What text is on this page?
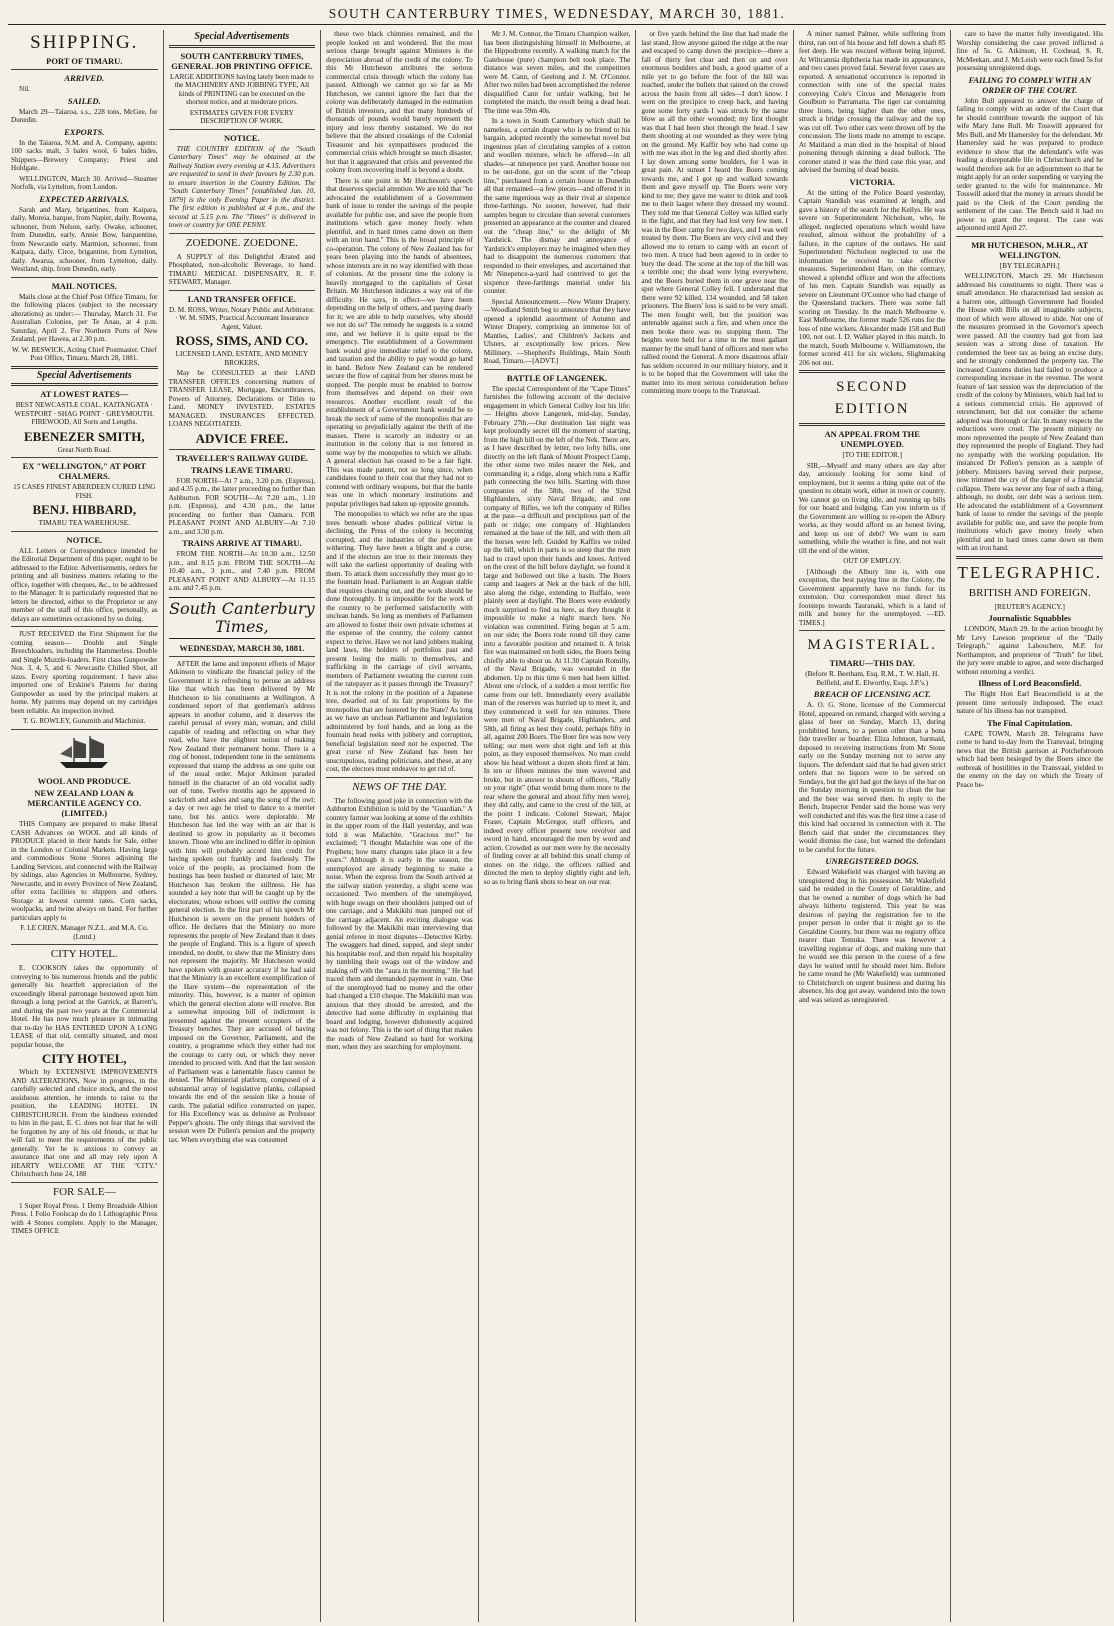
SOUTH CANTERBURY TIMES, WEDNESDAY, MARCH 30, 1881.
SHIPPING.
PORT OF TIMARU.
ARRIVED.

Nil.

SAILED.

March 29—Taiaroa, s.s., 228 tons, McGee, for Dunedin.

EXPORTS.

In the Taiaroa, N.M. and A. Company, agents: 100 sacks malt, 3 bales wool, 6 bales hides. Shippers—Brewery Company; Priest and Holdgate.

WELLINGTON, March 30. Arrived—Steamer Norfolk, via Lyttelton, from London.

EXPECTED ARRIVALS.

Sarah and Mary, brigantines, from Kaipara, daily. Moreia, barque, from Napier, daily. Rowena, schooner, from Nelson, early. Owake, schooner, from Dunedin, early. Annie Bow, barquentine, from Newcastle early. Marmion, schooner, from Kaipara, daily. Circe, brigantine, from Lyttelton, daily. Awarua, schooner, from Lyttelton, daily. Westland, ship, from Dunedin, early.

MAIL NOTICES.

Mails close at the Chief Post Office Timaru, for the following places (subject to the necessary alterations) as under:— Thursday, March 31. For Australian Colonies, per Te Anau, at 4 p.m. Saturday, April 2. For Northern Ports of New Zealand, per Hawea, at 2.30 p.m.

W. W. BESWICK, Acting Chief Postmaster. Chief Post Office, Timaru, March 28, 1881.

Special Advertisements
AT LOWEST RATES—

BEST NEWCASTLE COAL. KAITANGATA · WESTPORT · SHAG POINT · GREYMOUTH. FIREWOOD, All Sorts and Lengths.

EBENEZER SMITH,

Great North Road.

EX "WELLINGTON," AT PORT CHALMERS.

15 CASES FINEST ABERDEEN CURED LING FISH.

BENJ. HIBBARD,

TIMARU TEA WAREHOUSE.

NOTICE.

ALL Letters or Correspondence intended for the Editorial Department of this paper, ought to be addressed to the Editor. Advertisements, orders for printing and all business matters relating to the office, together with cheques, &c., to be addressed to the Manager. It is particularly requested that no letters be directed, either to the Proprietor or any member of the staff of this office, personally, as delays are sometimes occasioned by so doing.

JUST RECEIVED the First Shipment for the coming season— Double and Single Breechloaders, including the Hammerless. Double and Single Muzzle-loaders. First class Gunpowder Nos. 3, 4, 5, and 6. Newcastle Chilled Shot, all sizes. Every sporting requirement. I have also imported one of Erskine's Patents for during Gunpowder as used by the principal makers at home. My patrons may depend on my cartridges been reliable. An inspection invited.

T. G. ROWLEY, Gunsmith and Machinist.

WOOL AND PRODUCE.
NEW ZEALAND LOAN & MERCANTILE AGENCY CO. (LIMITED.)

THIS Company are prepared to make liberal CASH Advances on WOOL and all kinds of PRODUCE placed in their hands for Sale, either in the London or Colonial Markets. Having large and commodious Stone Stores adjoining the Landing Services, and connected with the Railway by sidings, also Agencies in Melbourne, Sydney, Newcastle, and in every Province of New Zealand, offer extra facilities to shippers and others. Storage at lowest current rates. Corn sacks, woolpacks, and twine always on hand. For further particulars apply to

F. LE CREN, Manager N.Z.L. and M.A. Co. (Lmtd.)

CITY HOTEL.

E. COOKSON takes the opportunity of conveying to his numerous friends and the public generally his heartfelt appreciation of the exceedingly liberal patronage bestowed upon him through a long period at the Garrick, at Barrett's, and during the past two years at the Commercial Hotel. He has now much pleasure in intimating that to-day he HAS ENTERED UPON A LONG LEASE of that old, centrally situated, and most popular house, the

CITY HOTEL,

Which by EXTENSIVE IMPROVEMENTS AND ALTERATIONS, Now in progress, in the carefully selected and choice stock, and the most assiduous attention, he intends to raise to the position, the LEADING HOTEL IN CHRISTCHURCH. From the kindness extended to him in the past, E. C. does not fear that he will be forgotten by any of his old friends, or that he will fail to meet the requirements of the public generally. Yet he is anxious to convey an assurance that one and all may rely upon A HEARTY WELCOME AT THE "CITY." Christchurch June 24, 188

FOR SALE—

1 Super Royal Press. 1 Demy Broadside Albion Press. 1 Folio Foolscap do do 1 Lithographic Press with 4 Stones complete. Apply to the Manager, TIMES OFFICE

Special Advertisements
SOUTH CANTERBURY TIMES, GENERAL JOB PRINTING OFFICE.

LARGE ADDITIONS having lately been made to the MACHINERY AND JOBBING TYPE, All kinds of PRINTING can be executed on the shortest notice, and at moderate prices.

ESTIMATES GIVEN FOR EVERY DESCRIPTION OF WORK.

NOTICE.

THE COUNTRY EDITION of the "South Canterbury Times" may be obtained at the Railway Station every evening at 4.15. Advertisers are requested to send in their favours by 2.30 p.m. to ensure insertion in the Country Edition. The "South Canterbury Times" [established Jan. 10, 1879] is the only Evening Paper in the district. The first edition is published at 4 p.m., and the second at 5.15 p.m. The "Times" is delivered in town or country for ONE PENNY.

ZOEDONE. ZOEDONE.

A SUPPLY of this Delightful Ærated and Phosphated, non-alcoholic Beverage, to hand. TIMARU MEDICAL DISPENSARY, R. F. STEWART, Manager.

LAND TRANSFER OFFICE.

D. M. ROSS, Writer, Notary Public and Arbitrator. · W. M. SIMS, Practical Accountant Insurance Agent, Valuer.

ROSS, SIMS, AND CO.

LICENSED LAND, ESTATE, AND MONEY BROKERS,

May be CONSULTED at their LAND TRANSFER OFFICES concerning matters of TRANSFER LEASE, Mortgage, Encumbrances, Powers of Attorney, Declarations or Titles to Land. MONEY INVESTED. ESTATES MANAGED. INSURANCES EFFECTED. LOANS NEGOTIATED.

ADVICE FREE.
TRAVELLER'S RAILWAY GUIDE.
TRAINS LEAVE TIMARU.

FOR NORTH—At 7 a.m., 3.20 p.m. (Express), and 4.35 p.m., the latter proceeding no further than Ashburton. FOR SOUTH—At 7.20 a.m., 1.10 p.m. (Express), and 4.30 p.m., the latter proceeding no further than Oamaru. FOR PLEASANT POINT AND ALBURY—At 7.10 a.m., and 3.30 p.m.

TRAINS ARRIVE AT TIMARU.

FROM THE NORTH—At 10.30 a.m., 12.50 p.m., and 8.15 p.m. FROM THE SOUTH—At 10.40 a.m., 3 p.m., and 7.40 p.m. FROM PLEASANT POINT AND ALBURY—At 11.15 a.m. and 7.45 p.m.

South Canterbury Times,
WEDNESDAY, MARCH 30, 1881.

AFTER the lame and impotent efforts of Major Atkinson to vindicate the financial policy of the Government it is refreshing to peruse an address like that which has been delivered by Mr Hutcheson to his constituents at Wellington. A condensed report of that gentleman's address appears in another column, and it deserves the careful perusal of every man, woman, and child capable of reading and reflecting on what they read, who have the slightest notion of making New Zealand their permanent home. There is a ring of honest, independent tone in the sentiments expressed that stamp the address as one quite out of the usual order. Major Atkinson paraded himself in the character of an old vocalist sadly out of tune. Twelve months ago he appeared in sackcloth and ashes and sang the song of the owl; a day or two ago he tried to dance to a merrier tune, but his antics were deplorable. Mr Hutcheson has led the way with an air that is destined to grow in popularity as it becomes known. Those who are inclined to differ in opinion with him will probably accord him credit for having spoken out frankly and fearlessly. The voice of the people, as proclaimed from the hustings has been hushed or distorted of late; Mr Hutcheson has broken the stillness. He has sounded a key note that will be caught up by the electorates; whose echoes will outlive the coming general election. In the first part of his speech Mr Hutcheson is severe on the present holders of office. He declares that the Ministry no more represents the people of New Zealand than it does the people of England. This is a figure of speech intended, no doubt, to shew that the Ministry does not represent the majority. Mr Hutcheson would have spoken with greater accuracy if he had said that the Ministry is an excellent exemplification of the Hare system—the representation of the minority. This, however, is a matter of opinion which the general election alone will resolve. But a somewhat imposing bill of indictment is presented against the present occupiers of the Treasury benches. They are accused of having imposed on the Governor, Parliament, and the country, a programme which they either had not the courage to carry out, or which they never intended to proceed with. And that the last session of Parliament was a lamentable fiasco cannot be denied. The Ministerial platform, composed of a substantial array of legislative planks, collapsed towards the end of the session like a house of cards. The palatial edifice constructed on paper, for His Excellency was as delusive as Professor Pepper's ghosts. The only things that survived the session were Dr Pollen's pension and the property tax. When everything else was consumed

these two black chimnies remained, and the people looked on and wondered. But the most serious charge brought against Ministers is the depreciation abroad of the credit of the colony. To this Mr Hutcheson attributes the serious commercial crisis through which the colony has passed. Although we cannot go so far as Mr Hutcheson, we cannot ignore the fact that the colony was deliberately damaged in the estimation of British investors, and that many hundreds of thousands of pounds would barely represent the injury and loss thereby sustained. We do not believe that the absurd croakings of the Colonial Treasurer and his sympathisers produced the commercial crisis which brought so much disaster, but that it aggravated that crisis and prevented the colony from recovering itself is beyond a doubt.

There is one point in Mr Hutcheson's speech that deserves special attention. We are told that "he advocated the establishment of a Government bank of issue to render the savings of the people available for public use, and save the people from institutions which gave money freely when plentiful, and in hard times came down on them with an iron hand." This is the broad principle of co-operation. The colony of New Zealand has for years been playing into the hands of absentees, whose interests are in no way identified with those of colonists. At the present time the colony is heavily mortgaged to the capitalists of Great Britain. Mr Hutcheson indicates a way out of the difficulty. He says, in effect—we have been depending on the help of others, and paying dearly for it; we are able to help ourselves, why should we not do so? The remedy he suggests is a sound one, and we believe it is quite equal to the emergency. The establishment of a Government bank would give immediate relief to the colony, and taxation and the ability to pay would go hand in hand. Before New Zealand can be rendered secure the flow of capital from her shores must be stopped. The people must be enabled to borrow from themselves and depend on their own resources. Another excellent result of the establishment of a Government bank would be to break the neck of some of the monopolies that are operating so prejudicially against the thrift of the masses. There is scarcely an industry or an institution in the colony that is not fettered in some way by the monopolies to which we allude. A general election has ceased to be a fair fight. This was made patent, not so long since, when candidates found to their cost that they had not to contend with ordinary weapons, but that the battle was one in which monetary institutions and popular privileges had taken up opposite grounds.

The monopolies to which we refer are the upas trees beneath whose shades political virtue is declining, the Press of the colony is becoming corrupted, and the industries of the people are withering. They have been a blight and a curse, and if the electors are true to their interests they will take the earliest opportunity of dealing with them. To attack them successfully they must go to the fountain head. Parliament is an Augean stable that requires cleaning out, and the work should be done thoroughly. It is impossible for the work of the country to be performed satisfactorily with unclean hands. So long as members of Parliament are allowed to foster their own private schemes at the expense of the country, the colony cannot expect to thrive. Have we not land jobbers making land laws, the holders of portfolios past and present losing the mails to themselves, and trafficking in the carriage of civil servants, members of Parliament sweating the current coin of the ratepayer as it passes through the Treasury? It is not the colony in the position of a Japanese tree, dwarfed out of its fair proportions by the monopolies that are fostered by the State? As long as we have an unclean Parliament and legislation administered by foul hands, and as long as the fountain head reeks with jobbery and corruption, beneficial legislation need not be expected. The great curse of New Zealand has been her unscrupulous, trading politicians, and these, at any cost, the electors must endeavor to get rid of.

NEWS OF THE DAY.

The following good joke in connection with the Ashburton Exhibition is told by the "Guardian." A country farmer was looking at some of the exhibits in the upper room of the Hall yesterday, and was told it was Malachite. "Gracious me!" he exclaimed; "I thought Malachite was one of the Prophets; how many changes take place in a few years." Although it is early in the season, the unemployed are already beginning to make a noise. When the express from the South arrived at the railway station yesterday, a slight scene was occasioned. Two members of the unemployed, with huge swags on their shoulders jumped out of one carriage, and a Makikihi man jumped out of the carriage adjacent. An exciting dialogue was followed by the Makikihi man interviewing that genial referee in most disputes—Detective Kirby. The swaggers had dined, supped, and slept under his hospitable roof, and then repaid his hospitality by tumbling their swags out of the window and making off with the "aura in the morning." He had traced them and demanded payment in vain. One of the unemployed had no money and the other had changed a £10 cheque. The Makikihi man was anxious that they should be arrested, and the detective had some difficulty in explaining that board and lodging, however dishonestly acquired was not felony. This is the sort of thing that makes the roads of New Zealand so hard for working men, when they are searching for employment.

Mr J. M. Connor, the Timaru Champion walker, has been distinguishing himself in Melbourne, at the Hippodrome recently. A walking match for the Gatehouse (pure) champion belt took place. The distance was seven miles, and the competitors were M. Cann, of Geelong and J. M. O'Connor. After two miles had been accomplished the referee disqualified Cann for unfair walking, but he completed the match, the result being a dead heat. The time was 59m 40s.

In a town in South Canterbury which shall be nameless, a certain draper who is no friend to his bargain, adopted recently the somewhat novel but ingenious plan of circulating samples of a cotton and woollen mixture, which he offered—in all shades—at ninepence per yard. Another house not to be out-done, got on the scent of the "cheap line," purchased from a certain house in Dunedin all that remained—a few pieces—and offered it in the same ingenious way as their rival at sixpence three-farthings. No sooner, however, had their samples begun to circulate than several customers presented an appearance at the counter and cleared out the "cheap line," to the delight of Mr Yardstick. The dismay and annoyance of Yardstick's employers may be imagined when they had to disappoint the numerous customers that responded to their envelopes, and ascertained that Mr Ninepence-a-yard had contrived to get the sixpence three-farthings material under his counter.

Special Announcement.—New Winter Drapery.—Woodland Smith beg to announce that they have opened a splendid assortment of Autumn and Winter Drapery, comprising an immense lot of Mantles, Ladies', and Children's Jackets and Ulsters, at exceptionally low prices. New Millinery. —Shepherd's Buildings, Main South Road, Timaru.—[ADVT.]

BATTLE OF LANGENEK.

The special Correspondent of the "Cape Times" furnishes the following account of the decisive engagement in which General Colley lost his life:— Heights above Langenek, mid-day, Sunday, February 27th.—Our destination last night was kept profoundly secret till the moment of starting, from the high hill on the left of the Nek. There are, as I have described by letter, two lofty hills, one directly on the left flank of Mount Prospect Camp, the other some two miles nearer the Nek, and commanding it; a ridge, along which runs a Kaffir path connecting the two hills. Starting with three companies of the 58th, two of the 92nd Highlanders, sixty Naval Brigade, and one company of Rifles, we left the company of Rifles at the pass—a difficult and precipitous part of the path or ridge; one company of Highlanders remained at the base of the hill, and with them all the horses were left. Guided by Kaffirs we toiled up the hill, which in parts is so steep that the men had to crawl upon their hands and knees. Arrived on the crest of the hill before daylight, we found it large and hollowed out like a basin. The Boers camp and laagers at Nek at the back of the hill, also along the ridge, extending to Buffalo, were plainly seen at daylight. The Boers were evidently much surprised to find us here, as they thought it impossible to make a night march here. No violation was committed. Firing began at 5 a.m. on our side; the Boers rode round till they came into a favorable position and retained it. A brisk fire was maintained on both sides, the Boers being chiefly able to shoot us. At 11.30 Captain Romilly, of the Naval Brigade, was wounded in the abdomen. Up to this time 6 men had been killed. About one o'clock, of a sudden a most terrific fire came from our left. Immediately every available man of the reserves was hurried up to meet it, and they commenced it well for ten minutes. There were men of Naval Brigade, Highlanders, and 58th, all firing as best they could, perhaps fifty in all, against 200 Boers. The Boer fire was now very telling; our men were shot right and left at this point, as they exposed themselves. No man could show his head without a dozen shots fired at him. In ten or fifteen minutes the men wavered and broke, but in answer to shouts of officers, "Rally on your right" (that would bring them more to the rear where the general and about fifty men were), they did rally, and came to the crest of the hill, at the point I indicate. Colonel Stewart, Major Fraser, Captain McGregor, staff officers, and indeed every officer present now revolver and sword in hand, encouraged the men by word and action. Crowded as our men were by the necessity of finding cover at all behind this small clump of stones on the ridge, the officers rallied and directed the men to deploy slightly right and left, so as to bring flank shots to bear on our rear.

or five yards behind the line that had made the last stand. How anyone gained the ridge at the rear and escaped to camp down the precipice—there a fall of thirty feet clear and then on and over enormous boulders and bush, a good quarter of a mile yet to go before the foot of the hill was reached, under the bullets that rained on the crowd across the basin from all sides—I don't know. I went on the precipice to creep back, and having gone some forty yards I was struck by the same blow as all the other wounded; my first thought was that I had been shot through the head. I saw them shooting at our wounded as they were lying on the ground. My Kaffir boy who had come up with me was shot in the leg and died shortly after. I lay down among some boulders, for I was in great pain. At sunset I heard the Boers coming towards me, and I got up and walked towards them and gave myself up. The Boers were very kind to me; they gave me water to drink and took me to their laager where they dressed my wound. They told me that General Colley was killed early in the fight, and that they had lost very few men. I was in the Boer camp for two days, and I was well treated by them. The Boers are very civil and they allowed me to return to camp with an escort of two men. A truce had been agreed to in order to bury the dead. The scene at the top of the hill was a terrible one; the dead were lying everywhere, and the Boers buried them in one grave near the spot where General Colley fell. I understand that there were 92 killed, 134 wounded, and 58 taken prisoners. The Boers' loss is said to be very small. The men fought well, but the position was untenable against such a fire, and when once the men broke there was no stopping them. The heights were held for a time in the most gallant manner by the small band of officers and men who rallied round the General. A more disastrous affair has seldom occurred in our military history, and it is to be hoped that the Government will take the matter into its most serious consideration before committing more troops to the Transvaal.

A miner named Palmer, while suffering from thirst, ran out of his house and fell down a shaft 85 feet deep. He was rescued without being injured. At Wiltcannia diphtheria has made its appearance, and two cases proved fatal. Several fever cases are reported. A sensational occurrence is reported in connection with one of the special trains conveying Cole's Circus and Menagerie from Goulburn to Parramatta. The tiger car containing three lions, being higher than the other ones, struck a bridge crossing the railway and the top was cut off. Two other cars were thrown off by the concussion. The lions made no attempt to escape. At Maitland a man died in the hospital of blood poisoning through skinning a dead bullock. The coroner stated it was the third case this year, and advised the burning of dead beasts.

VICTORIA.

At the sitting of the Police Board yesterday, Captain Standish was examined at length, and gave a history of the search for the Kellys. He was severe on Superintendent Nicholson, who, he alleged, neglected operations which would have resulted, almost without the probability of a failure, in the capture of the outlaws. He said Superintendent Nicholson neglected to use the information he received to take effective measures. Superintendent Hare, on the contrary, showed a splendid officer and won the affections of his men. Captain Standish was equally as severe on Lieutenant O'Connor who had charge of the Queensland trackers. There was some fall scoring on Tuesday. In the match Melbourne v. East Melbourne, the former made 526 runs for the loss of nine wickets. Alexander made 158 and Bull 100, not out. I. D. Walker played in this match. In the match, South Melbourne v. Williamstown, the former scored 411 for six wickets, Slightmaking 206 not out.

SECOND EDITION
AN APPEAL FROM THE UNEMPLOYED.

[TO THE EDITOR.]

SIR,—Myself and many others are day after day, anxiously looking for some kind of employment, but it seems a thing quite out of the question to obtain work, either in town or country. We cannot go on living idle, and running up bills for our board and lodging. Can you inform us if the Government are willing to re-open the Albury works, as they would afford us an honest living, and keep us out of debt? We want to earn something, while the weather is fine, and not wait till the end of the winter.

OUT OF EMPLOY.

[Although the Albury line is, with one exception, the best paying line in the Colony, the Government apparently have no funds for its extension. Our correspondent must direct his footsteps towards Tauranaki, which is a land of milk and honey for the unemployed. —ED. TIMES.]

MAGISTERIAL.
TIMARU—THIS DAY.

(Before R. Beetham, Esq. R.M., T. W. Hall, H. Belfield, and E. Elworthy, Esqs. J.P.'s.)

BREACH OF LICENSING ACT.

A. O. G. Stone, licensee of the Commercial Hotel, appeared on remand, charged with serving a glass of beer on Sunday, March 13, during prohibited hours, to a person other than a bona fide traveller or boarder. Eliza Johnson, barmaid, deposed to receiving instructions from Mr Stone early on the Sunday morning not to serve any liquors. The defendant said that he had given strict orders that no liquors were to be served on Sundays, but the girl had got the keys of the bar on the Sunday morning in question to clean the bar and the beer was served then. In reply to the Bench, Inspector Pender said the house was very well conducted and this was the first time a case of this kind had occurred in connection with it. The Bench said that under the circumstances they would dismiss the case, but warned the defendant to be careful for the future.

UNREGISTERED DOGS.

Edward Wakefield was charged with having an unregistered dog in his possession. Mr Wakefield said he resided in the County of Geraldine, and that he owned a number of dogs which he had always hitherto registered. This year he was desirous of paying the registration fee to the proper person in order that it might go to the Geraldine County, but there was no registry office nearer than Temuka. There was however a travelling registrar of dogs, and making sure that he would see this person in the course of a few days he waited until he should meet him. Before he came round he (Mr Wakefield) was summoned to Christchurch on urgent business and during his absence, his dog got away, wandered into the town and was seized as unregistered.

care to have the matter fully investigated. His Worship considering the case proved inflicted a fine of 5s. G. Atkinson, H. Coxhead, S. R. McMeekan, and J. McLeish were each fined 5s for possessing unregistered dogs.

FAILING TO COMPLY WITH AN ORDER OF THE COURT.

John Bull appeared to answer the charge of failing to comply with an order of the Court that he should contribute towards the support of his wife Mary Jane Bull. Mr Tosswill appeared for Mrs Bull, and Mr Hamersley for the defendant. Mr Hamersley said he was prepared to produce evidence to show that the defendant's wife was leading a disreputable life in Christchurch and he would therefore ask for an adjournment so that he might apply for an order suspending or varying the order granted to the wife for maintenance. Mr Tosswill asked that the money in arrears should be paid to the Clerk of the Court pending the settlement of the case. The Bench said it had no power to grant the request. The case was adjourned until April 27.

MR HUTCHESON, M.H.R., AT WELLINGTON.

[BY TELEGRAPH.]

WELLINGTON, March 29. Mr Hutcheson addressed his constituents to night. There was a small attendance. He characterised last session as a barren one, although Government had flooded the House with Bills on all imaginable subjects, most of which were allowed to slide. Not one of the measures promised in the Governor's speech were passed. All the country had got from last session was a strong dose of taxation. He condemned the beer tax as being an excise duty, and he strongly condemned the property tax. The increased Customs duties had failed to produce a corresponding increase in the revenue. The worst feature of last session was the depreciation of the credit of the colony by Ministers, which had led to a serious commercial crisis. He approved of retrenchment, but did not consider the scheme adopted was thorough or fair. In many respects the reductions were cruel. The present ministry no more represented the people of New Zealand than they represented the people of England. They had no sympathy with the working population. He instanced Dr Pollen's pension as a sample of jobbery. Ministers having served their purpose, now trimmed the cry of the danger of a financial collapse. There was never any fear of such a thing, although, no doubt, our debt was a serious item. He advocated the establishment of a Government bank of issue to render the savings of the people available for public use, and save the people from institutions which gave money freely when plentiful and in hard times came down on them with an iron hand.

TELEGRAPHIC.
BRITISH AND FOREIGN.

[REUTER'S AGENCY.]

Journalistic Squabbles

LONDON, March 29. In the action brought by Mr Levy Lawson proprietor of the "Daily Telegraph," against Labouchere, M.P. for Northampton, and proprietor of "Truth" for libel, the jury were unable to agree, and were discharged without returning a verdict.

Illness of Lord Beaconsfield.

The Right Hon Earl Beaconsfield is at the present time seriously indisposed. The exact nature of his illness has not transpired.

The Final Capitulation.

CAPE TOWN, March 28. Telegrams have come to hand to-day from the Transvaal, bringing news that the British garrison at Potchefstroom which had been besieged by the Boers since the outbreak of hostilities in the Transvaal, yielded to the enemy on the day on which the Treaty of Peace be-
